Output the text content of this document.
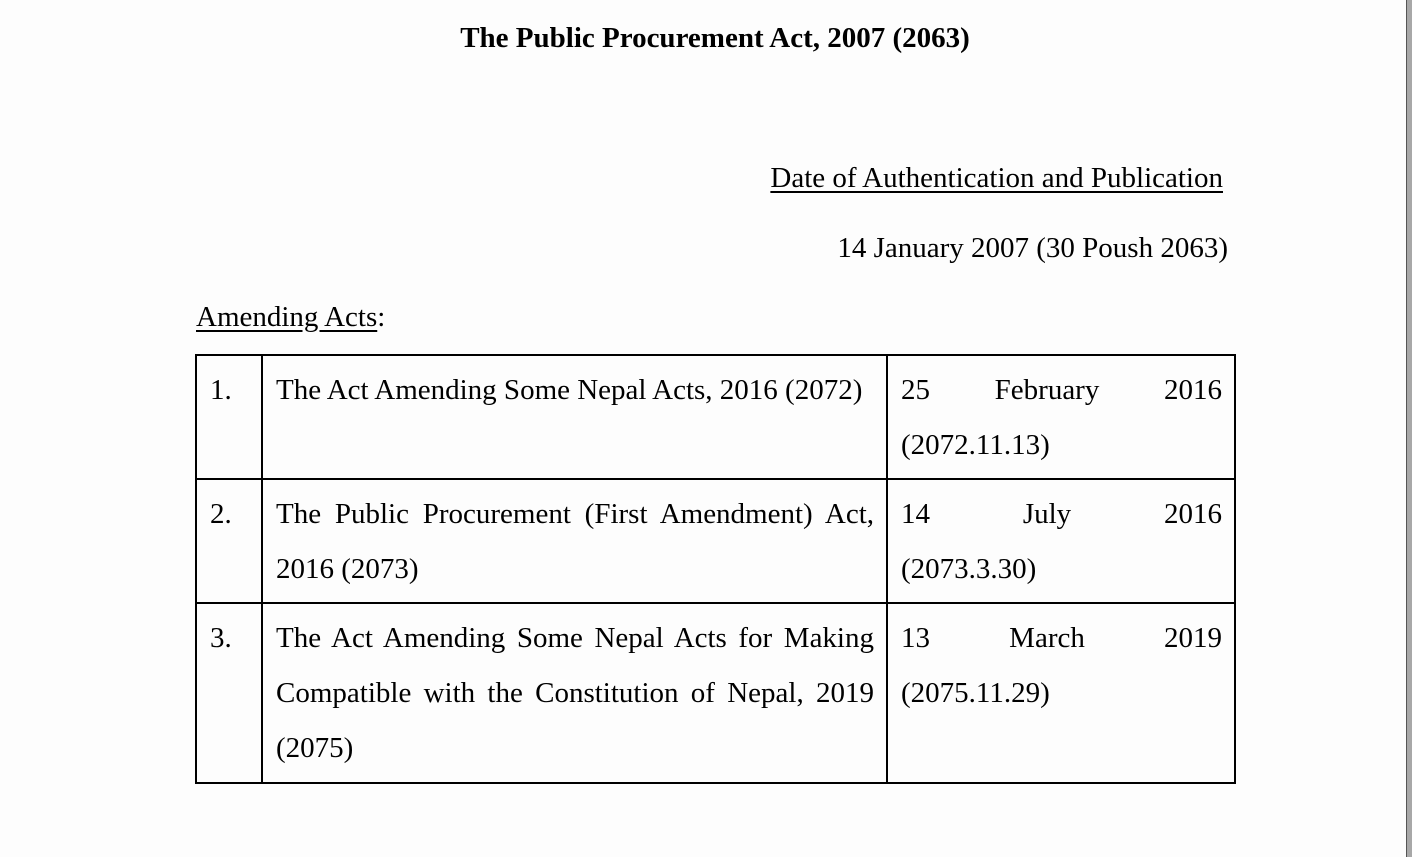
The Public Procurement Act, 2007 (2063)
Date of Authentication and Publication
14 January 2007 (30 Poush 2063)
Amending Acts:
1.	The Act Amending Some Nepal Acts, 2016 (2072)	25 February 2016
(2072.11.13)

2.	The Public Procurement (First Amendment) Act, 2016 (2073)	14 July 2016
(2073.3.30)

3.	The Act Amending Some Nepal Acts for Making Compatible with the Constitution of Nepal, 2019 (2075)	13 March 2019
(2075.11.29)
